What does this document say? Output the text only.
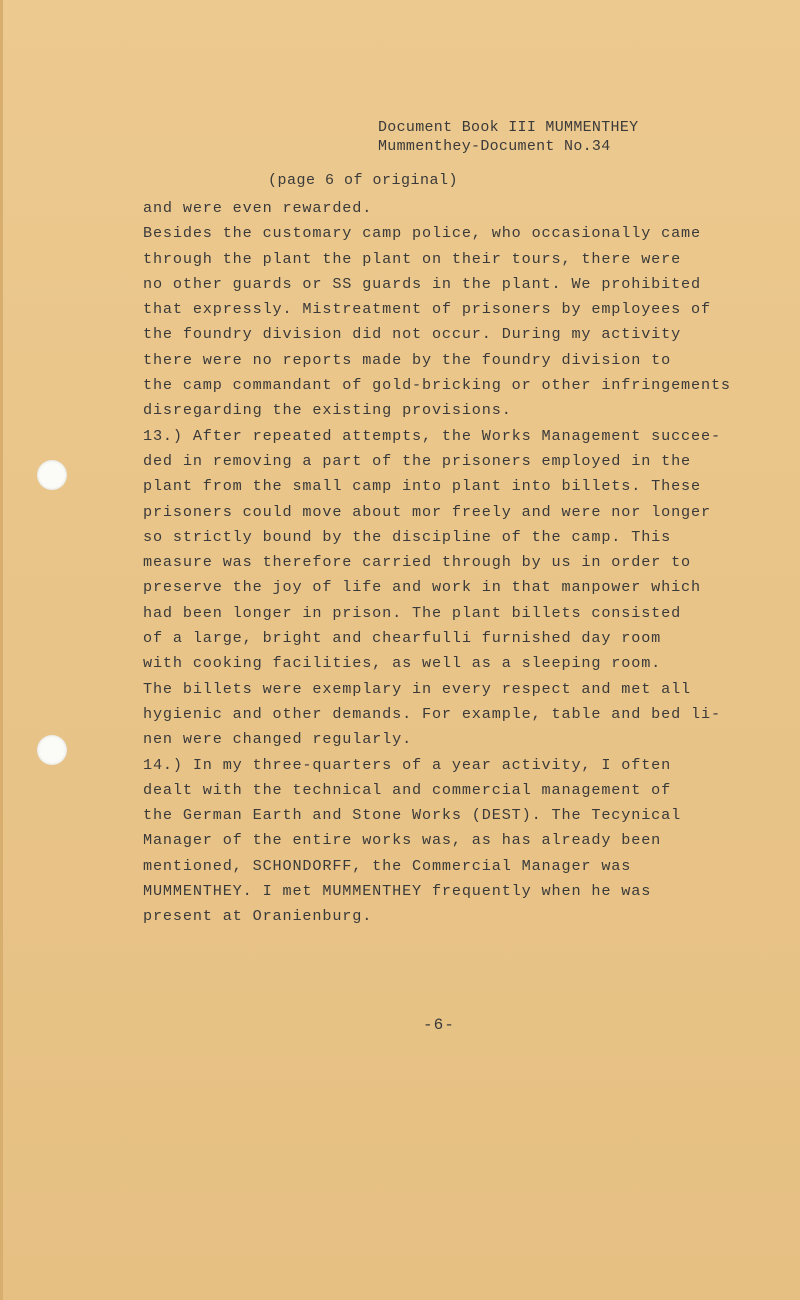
Document Book III MUMMENTHEY
Mummenthey-Document No.34
(page 6 of original)
and were even rewarded.
Besides the customary camp police, who occasionally came
through the plant the plant on their tours, there were
no other guards or SS guards in the plant. We prohibited
that expressly. Mistreatment of prisoners by employees of
the foundry division did not occur. During my activity
there were no reports made by the foundry division to
the camp commandant of gold-bricking or other infringements
disregarding the existing provisions.
13.) After repeated attempts, the Works Management succee-
ded in removing a part of the prisoners employed in the
plant from the small camp into plant into billets. These
prisoners could move about mor freely and were nor longer
so strictly bound by the discipline of the camp. This
measure was therefore carried through by us in order to
preserve the joy of life and work in that manpower which
had been longer in prison. The plant billets consisted
of a large, bright and chearfulli furnished day room
with cooking facilities, as well as a sleeping room.
The billets were exemplary in every respect and met all
hygienic and other demands. For example, table and bed li-
nen were changed regularly.
14.) In my three-quarters of a year activity, I often
dealt with the technical and commercial management of
the German Earth and Stone Works (DEST). The Tecynical
Manager of the entire works was, as has already been
mentioned, SCHONDORFF, the Commercial Manager was
MUMMENTHEY. I met MUMMENTHEY frequently when he was
present at Oranienburg.
-6-
